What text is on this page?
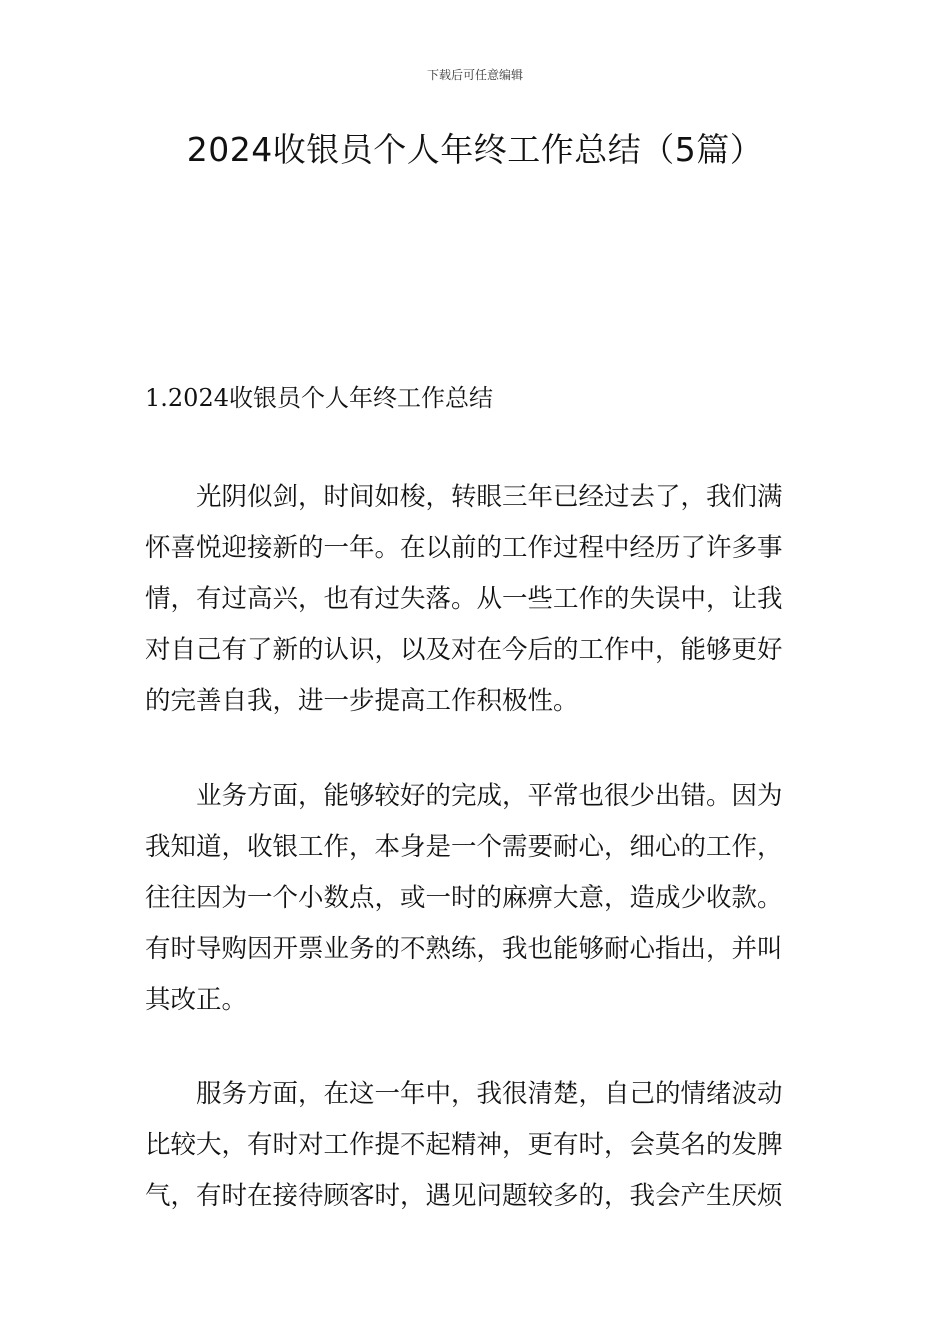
下载后可任意编辑
2024收银员个人年终工作总结（5篇）
1.2024收银员个人年终工作总结
光阴似剑，时间如梭，转眼三年已经过去了，我们满
怀喜悦迎接新的一年。在以前的工作过程中经历了许多事
情，有过高兴，也有过失落。从一些工作的失误中，让我
对自己有了新的认识，以及对在今后的工作中，能够更好
的完善自我，进一步提高工作积极性。
业务方面，能够较好的完成，平常也很少出错。因为
我知道，收银工作，本身是一个需要耐心，细心的工作，
往往因为一个小数点，或一时的麻痹大意，造成少收款。
有时导购因开票业务的不熟练，我也能够耐心指出，并叫
其改正。
服务方面，在这一年中，我很清楚，自己的情绪波动
比较大，有时对工作提不起精神，更有时，会莫名的发脾
气，有时在接待顾客时，遇见问题较多的，我会产生厌烦
